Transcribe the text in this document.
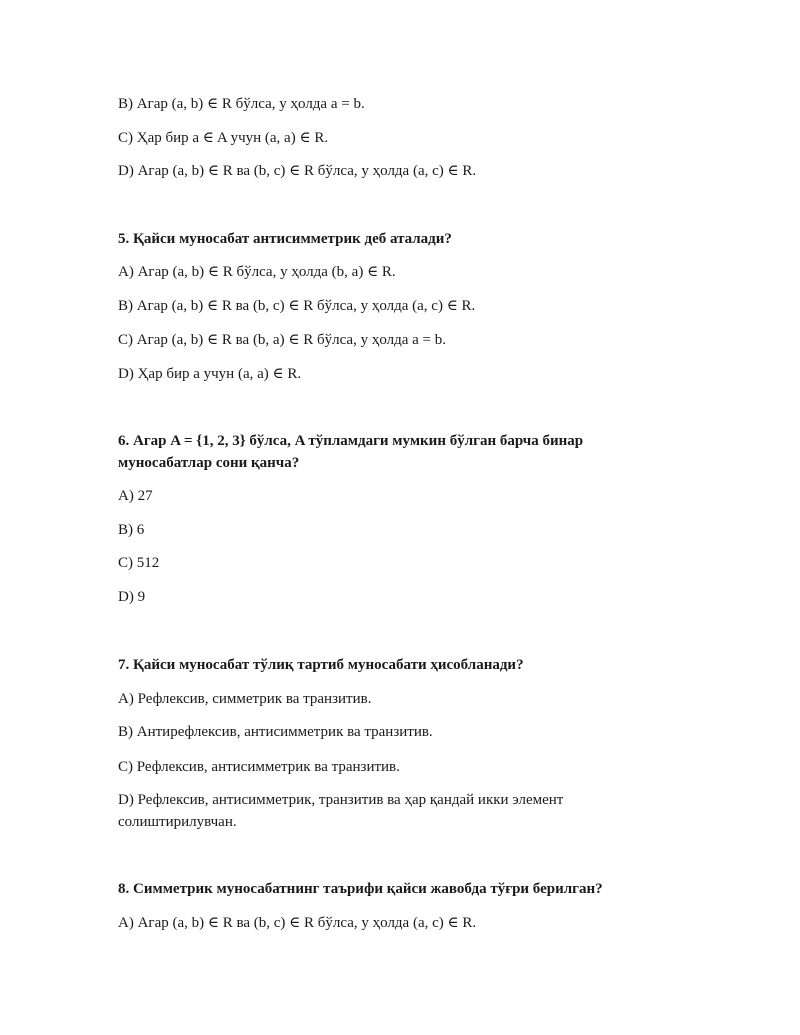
B) Агар (a, b) ∈ R бўлса, у ҳолда a = b.
C) Ҳар бир a ∈ A учун (a, a) ∈ R.
D) Агар (a, b) ∈ R ва (b, c) ∈ R бўлса, у ҳолда (a, c) ∈ R.
5. Қайси муносабат антисимметрик деб аталади?
A) Агар (a, b) ∈ R бўлса, у ҳолда (b, a) ∈ R.
B) Агар (a, b) ∈ R ва (b, c) ∈ R бўлса, у ҳолда (a, c) ∈ R.
C) Агар (a, b) ∈ R ва (b, a) ∈ R бўлса, у ҳолда a = b.
D) Ҳар бир a учун (a, a) ∈ R.
6. Агар A = {1, 2, 3} бўлса, A тўпламдаги мумкин бўлган барча бинар
муносабатлар сони қанча?
A) 27
B) 6
C) 512
D) 9
7. Қайси муносабат тўлиқ тартиб муносабати ҳисобланади?
A) Рефлексив, симметрик ва транзитив.
B) Антирефлексив, антисимметрик ва транзитив.
C) Рефлексив, антисимметрик ва транзитив.
D) Рефлексив, антисимметрик, транзитив ва ҳар қандай икки элемент
солиштирилувчан.
8. Симметрик муносабатнинг таърифи қайси жавобда тўғри берилган?
A) Агар (a, b) ∈ R ва (b, c) ∈ R бўлса, у ҳолда (a, c) ∈ R.
